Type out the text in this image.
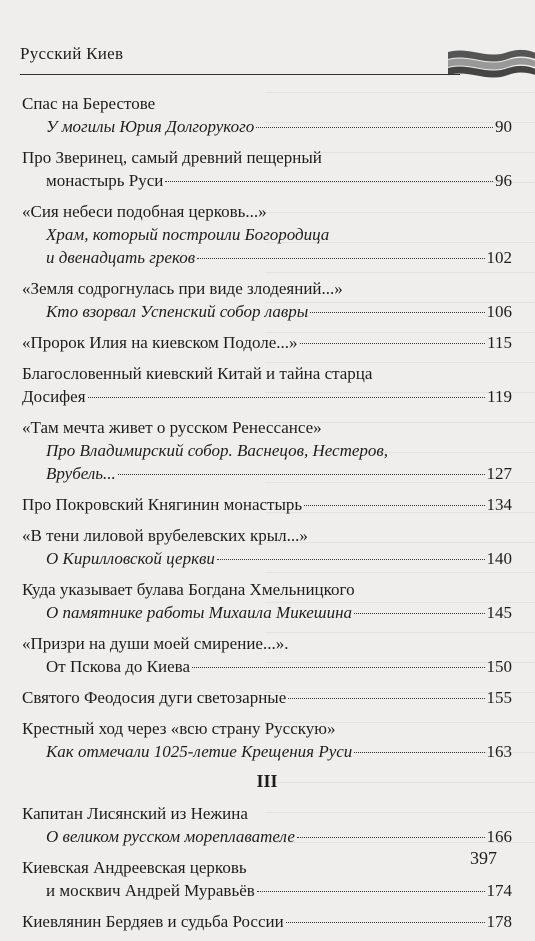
Русский Киев
Спас на Берестове
У могилы Юрия Долгорукого	90
Про Зверинец, самый древний пещерный
монастырь Руси	96
«Сия небеси подобная церковь...»
Храм, который построили Богородица
и двенадцать греков	102
«Земля содрогнулась при виде злодеяний...»
Кто взорвал Успенский собор лавры	106
«Пророк Илия на киевском Подоле...»	115
Благословенный киевский Китай и тайна старца
Досифея	119
«Там мечта живет о русском Ренессансе»
Про Владимирский собор. Васнецов, Нестеров,
Врубель...	127
Про Покровский Княгинин монастырь	134
«В тени лиловой врубелевских крыл...»
О Кирилловской церкви	140
Куда указывает булава Богдана Хмельницкого
О памятнике работы Михаила Микешина	145
«Призри на души моей смирение...».
От Пскова до Киева	150
Святого Феодосия дуги светозарные	155
Крестный ход через «всю страну Русскую»
Как отмечали 1025-летие Крещения Руси	163
III
Капитан Лисянский из Нежина
О великом русском мореплавателе	166
Киевская Андреевская церковь
и москвич Андрей Муравьёв	174
Киевлянин Бердяев и судьба России	178
397
